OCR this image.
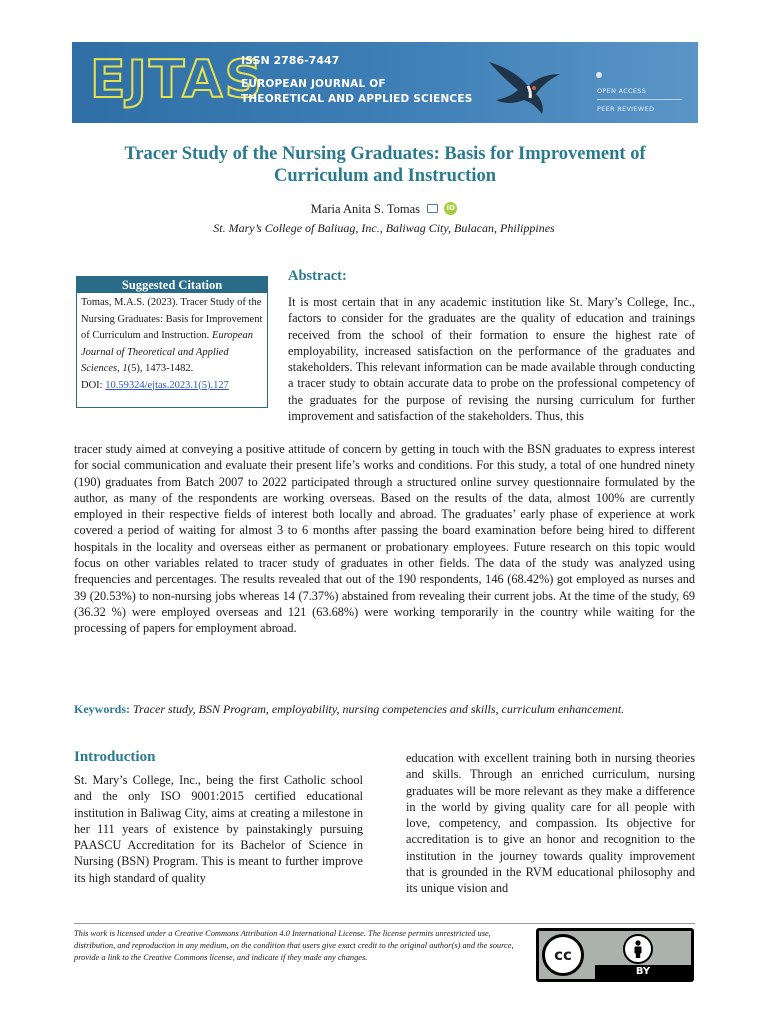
EJTAS
ISSN 2786-7447
EUROPEAN JOURNAL OF
THEORETICAL AND APPLIED SCIENCES
OPEN ACCESS
PEER REVIEWED
Tracer Study of the Nursing Graduates: Basis for Improvement of Curriculum and Instruction
Maria Anita S. Tomas	iD
St. Mary’s College of Baliuag, Inc., Baliwag City, Bulacan, Philippines
Suggested Citation
Tomas, M.A.S. (2023). Tracer Study of the Nursing Graduates: Basis for Improvement of Curriculum and Instruction. European Journal of Theoretical and Applied Sciences, 1(5), 1473-1482.
DOI: 10.59324/ejtas.2023.1(5).127
Abstract:
It is most certain that in any academic institution like St. Mary’s College, Inc., factors to consider for the graduates are the quality of education and trainings received from the school of their formation to ensure the highest rate of employability, increased satisfaction on the performance of the graduates and stakeholders. This relevant information can be made available through conducting a tracer study to obtain accurate data to probe on the professional competency of the graduates for the purpose of revising the nursing curriculum for further improvement and satisfaction of the stakeholders. Thus, this
tracer study aimed at conveying a positive attitude of concern by getting in touch with the BSN graduates to express interest for social communication and evaluate their present life’s works and conditions. For this study, a total of one hundred ninety (190) graduates from Batch 2007 to 2022 participated through a structured online survey questionnaire formulated by the author, as many of the respondents are working overseas. Based on the results of the data, almost 100% are currently employed in their respective fields of interest both locally and abroad. The graduates’ early phase of experience at work covered a period of waiting for almost 3 to 6 months after passing the board examination before being hired to different hospitals in the locality and overseas either as permanent or probationary employees. Future research on this topic would focus on other variables related to tracer study of graduates in other fields. The data of the study was analyzed using frequencies and percentages. The results revealed that out of the 190 respondents, 146 (68.42%) got employed as nurses and 39 (20.53%) to non-nursing jobs whereas 14 (7.37%) abstained from revealing their current jobs. At the time of the study, 69 (36.32 %) were employed overseas and 121 (63.68%) were working temporarily in the country while waiting for the processing of papers for employment abroad.
Keywords: Tracer study, BSN Program, employability, nursing competencies and skills, curriculum enhancement.
Introduction
St. Mary’s College, Inc., being the first Catholic school and the only ISO 9001:2015 certified educational institution in Baliwag City, aims at creating a milestone in her 111 years of existence by painstakingly pursuing PAASCU Accreditation for its Bachelor of Science in Nursing (BSN) Program. This is meant to further improve its high standard of quality
education with excellent training both in nursing theories and skills. Through an enriched curriculum, nursing graduates will be more relevant as they make a difference in the world by giving quality care for all people with love, competency, and compassion. Its objective for accreditation is to give an honor and recognition to the institution in the journey towards quality improvement that is grounded in the RVM educational philosophy and its unique vision and
This work is licensed under a Creative Commons Attribution 4.0 International License. The license permits unrestricted use, distribution, and reproduction in any medium, on the condition that users give exact credit to the original author(s) and the source, provide a link to the Creative Commons license, and indicate if they made any changes.	cc
BY
